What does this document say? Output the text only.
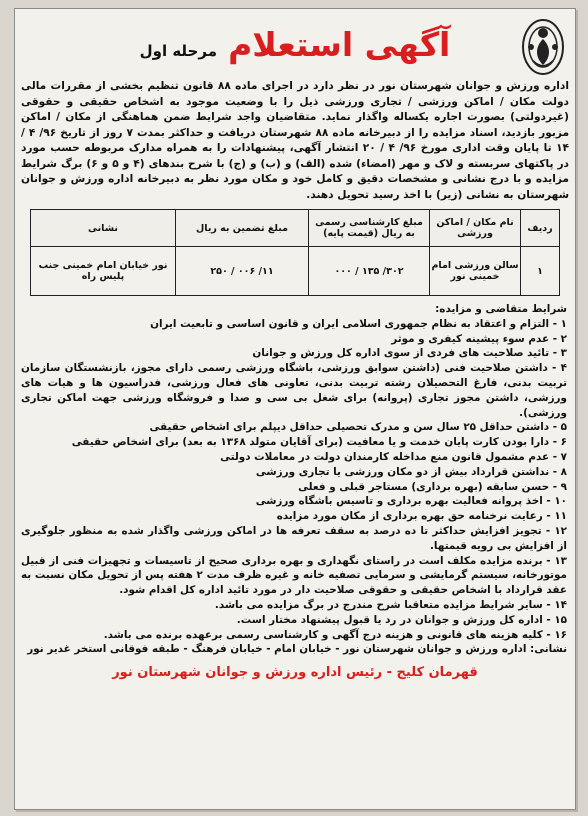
آگهی استعلام مرحله اول
اداره ورزش و جوانان شهرستان نور در نظر دارد در اجرای ماده ۸۸ قانون تنظیم بخشی از مقررات مالی دولت مکان / اماکن ورزشی / تجاری ورزشی ذیل را با وضعیت موجود به اشخاص حقیقی و حقوقی (غیردولتی) بصورت اجاره یکساله واگذار نماید. متقاضیان واجد شرایط ضمن هماهنگی از مکان / اماکن مزبور بازدید، اسناد مزایده را از دبیرخانه ماده ۸۸ شهرستان دریافت و حداکثر بمدت ۷ روز از تاریخ ۹۶/ ۴ / ۱۴ تا پایان وقت اداری مورخ ۹۶/ ۴ / ۲۰ انتشار آگهی، پیشنهادات را به همراه مدارک مربوطه حسب مورد در پاکتهای سربسته و لاک و مهر (امضاء) شده (الف) و (ب) و (ج) با شرح بندهای (۴ و ۵ و ۶) برگ شرایط مزایده و با درج نشانی و مشخصات دقیق و کامل خود و مکان مورد نظر به دبیرخانه اداره ورزش و جوانان شهرستان به نشانی (زیر) با اخذ رسید تحویل دهند.
ردیف	نام مکان / اماکن ورزشی	مبلغ کارشناسی رسمی به ریال (قیمت پایه)	مبلغ تضمین به ریال	نشانی
۱	سالن ورزشی امام خمینی نور	۳۰۲/ ۱۳۵ / ۰۰۰	۱۱/ ۰۰۶ / ۲۵۰	نور خیابان امام خمینی جنب پلیس راه
شرایط متقاضی و مزایده:
۱ - التزام و اعتقاد به نظام جمهوری اسلامی ایران و قانون اساسی و تابعیت ایران
۲ - عدم سوء پیشینه کیفری و موثر
۳ - تائید صلاحیت های فردی از سوی اداره کل ورزش و جوانان
۴ - داشتن صلاحیت فنی (داشتن سوابق ورزشی، باشگاه ورزشی رسمی دارای مجوز، بازنشستگان سازمان تربیت بدنی، فارغ التحصیلان رشته تربیت بدنی، تعاونی های فعال ورزشی، فدراسیون ها و هیات های ورزشی، داشتن مجوز تجاری (پروانه) برای شغل بی سی و صدا و فروشگاه ورزشی جهت اماکن تجاری ورزشی).
۵ - داشتن حداقل ۲۵ سال سن و مدرک تحصیلی حداقل دیپلم برای اشخاص حقیقی
۶ - دارا بودن کارت پایان خدمت و یا معافیت (برای آقایان متولد ۱۳۶۸ به بعد) برای اشخاص حقیقی
۷ - عدم مشمول قانون منع مداخله کارمندان دولت در معاملات دولتی
۸ - نداشتن قرارداد بیش از دو مکان ورزشی یا تجاری ورزشی
۹ - حسن سابقه (بهره برداری) مستاجر قبلی و فعلی
۱۰ - اخذ پروانه فعالیت بهره برداری و تاسیس باشگاه ورزشی
۱۱ - رعایت نرخنامه حق بهره برداری از مکان مورد مزایده
۱۲ - تجویز افزایش حداکثر تا ده درصد به سقف تعرفه ها در اماکن ورزشی واگذار شده به منظور جلوگیری از افزایش بی رویه قیمتها.
۱۳ - برنده مزایده مکلف است در راستای نگهداری و بهره برداری صحیح از تاسیسات و تجهیزات فنی از قبیل موتورخانه، سیستم گرمایشی و سرمایی تصفیه خانه و غیره ظرف مدت ۲ هفته پس از تحویل مکان نسبت به عقد قرارداد با اشخاص حقیقی و حقوقی صلاحیت دار در مورد تائید اداره کل اقدام شود.
۱۴ - سایر شرایط مزایده متعاقبا شرح مندرج در برگ مزایده می باشد.
۱۵ - اداره کل ورزش و جوانان در رد یا قبول پیشنهاد مختار است.
۱۶ - کلیه هزینه های قانونی و هزینه درج آگهی و کارشناسی رسمی برعهده برنده می باشد.
نشانی: اداره ورزش و جوانان شهرستان نور - خیابان امام - خیابان فرهنگ - طبقه فوقانی استخر غدیر نور
قهرمان کلیج - رئیس اداره ورزش و جوانان شهرستان نور
